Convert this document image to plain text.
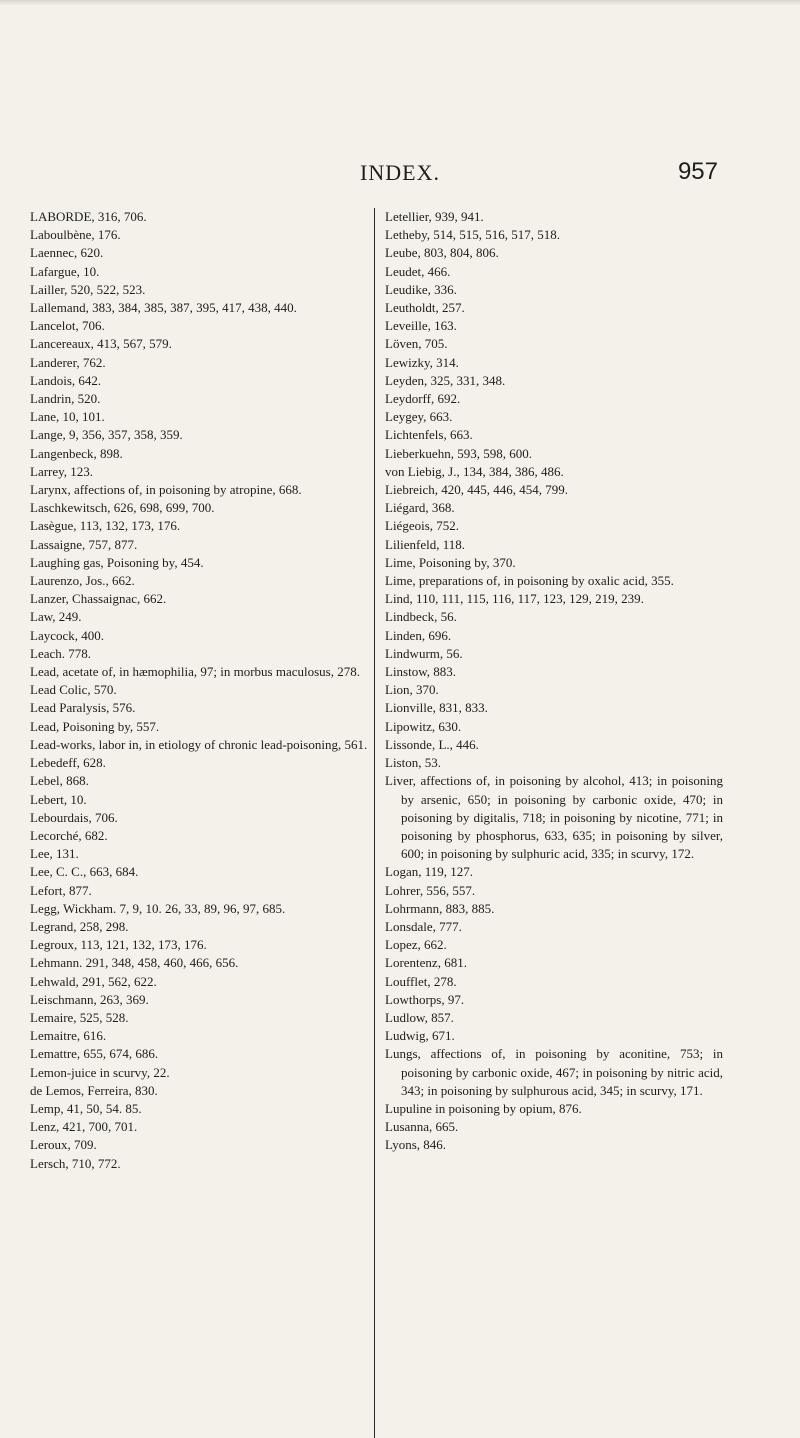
INDEX.	957
LABORDE, 316, 706.
Laboulbène, 176.
Laennec, 620.
Lafargue, 10.
Lailler, 520, 522, 523.
Lallemand, 383, 384, 385, 387, 395, 417, 438, 440.
Lancelot, 706.
Lancereaux, 413, 567, 579.
Landerer, 762.
Landois, 642.
Landrin, 520.
Lane, 10, 101.
Lange, 9, 356, 357, 358, 359.
Langenbeck, 898.
Larrey, 123.
Larynx, affections of, in poisoning by atropine, 668.
Laschkewitsch, 626, 698, 699, 700.
Lasègue, 113, 132, 173, 176.
Lassaigne, 757, 877.
Laughing gas, Poisoning by, 454.
Laurenzo, Jos., 662.
Lanzer, Chassaignac, 662.
Law, 249.
Laycock, 400.
Leach. 778.
Lead, acetate of, in hæmophilia, 97; in morbus maculosus, 278.
Lead Colic, 570.
Lead Paralysis, 576.
Lead, Poisoning by, 557.
Lead-works, labor in, in etiology of chronic lead-poisoning, 561.
Lebedeff, 628.
Lebel, 868.
Lebert, 10.
Lebourdais, 706.
Lecorché, 682.
Lee, 131.
Lee, C. C., 663, 684.
Lefort, 877.
Legg, Wickham. 7, 9, 10. 26, 33, 89, 96, 97, 685.
Legrand, 258, 298.
Legroux, 113, 121, 132, 173, 176.
Lehmann. 291, 348, 458, 460, 466, 656.
Lehwald, 291, 562, 622.
Leischmann, 263, 369.
Lemaire, 525, 528.
Lemaitre, 616.
Lemattre, 655, 674, 686.
Lemon-juice in scurvy, 22.
de Lemos, Ferreira, 830.
Lemp, 41, 50, 54. 85.
Lenz, 421, 700, 701.
Leroux, 709.
Lersch, 710, 772.
Letellier, 939, 941.
Letheby, 514, 515, 516, 517, 518.
Leube, 803, 804, 806.
Leudet, 466.
Leudike, 336.
Leutholdt, 257.
Leveille, 163.
Löven, 705.
Lewizky, 314.
Leyden, 325, 331, 348.
Leydorff, 692.
Leygey, 663.
Lichtenfels, 663.
Lieberkuehn, 593, 598, 600.
von Liebig, J., 134, 384, 386, 486.
Liebreich, 420, 445, 446, 454, 799.
Liégard, 368.
Liégeois, 752.
Lilienfeld, 118.
Lime, Poisoning by, 370.
Lime, preparations of, in poisoning by oxalic acid, 355.
Lind, 110, 111, 115, 116, 117, 123, 129, 219, 239.
Lindbeck, 56.
Linden, 696.
Lindwurm, 56.
Linstow, 883.
Lion, 370.
Lionville, 831, 833.
Lipowitz, 630.
Lissonde, L., 446.
Liston, 53.
Liver, affections of, in poisoning by alcohol, 413; in poisoning by arsenic, 650; in poisoning by carbonic oxide, 470; in poisoning by digitalis, 718; in poisoning by nicotine, 771; in poisoning by phosphorus, 633, 635; in poisoning by silver, 600; in poisoning by sulphuric acid, 335; in scurvy, 172.
Logan, 119, 127.
Lohrer, 556, 557.
Lohrmann, 883, 885.
Lonsdale, 777.
Lopez, 662.
Lorentenz, 681.
Loufflet, 278.
Lowthorps, 97.
Ludlow, 857.
Ludwig, 671.
Lungs, affections of, in poisoning by aconitine, 753; in poisoning by carbonic oxide, 467; in poisoning by nitric acid, 343; in poisoning by sulphurous acid, 345; in scurvy, 171.
Lupuline in poisoning by opium, 876.
Lusanna, 665.
Lyons, 846.
